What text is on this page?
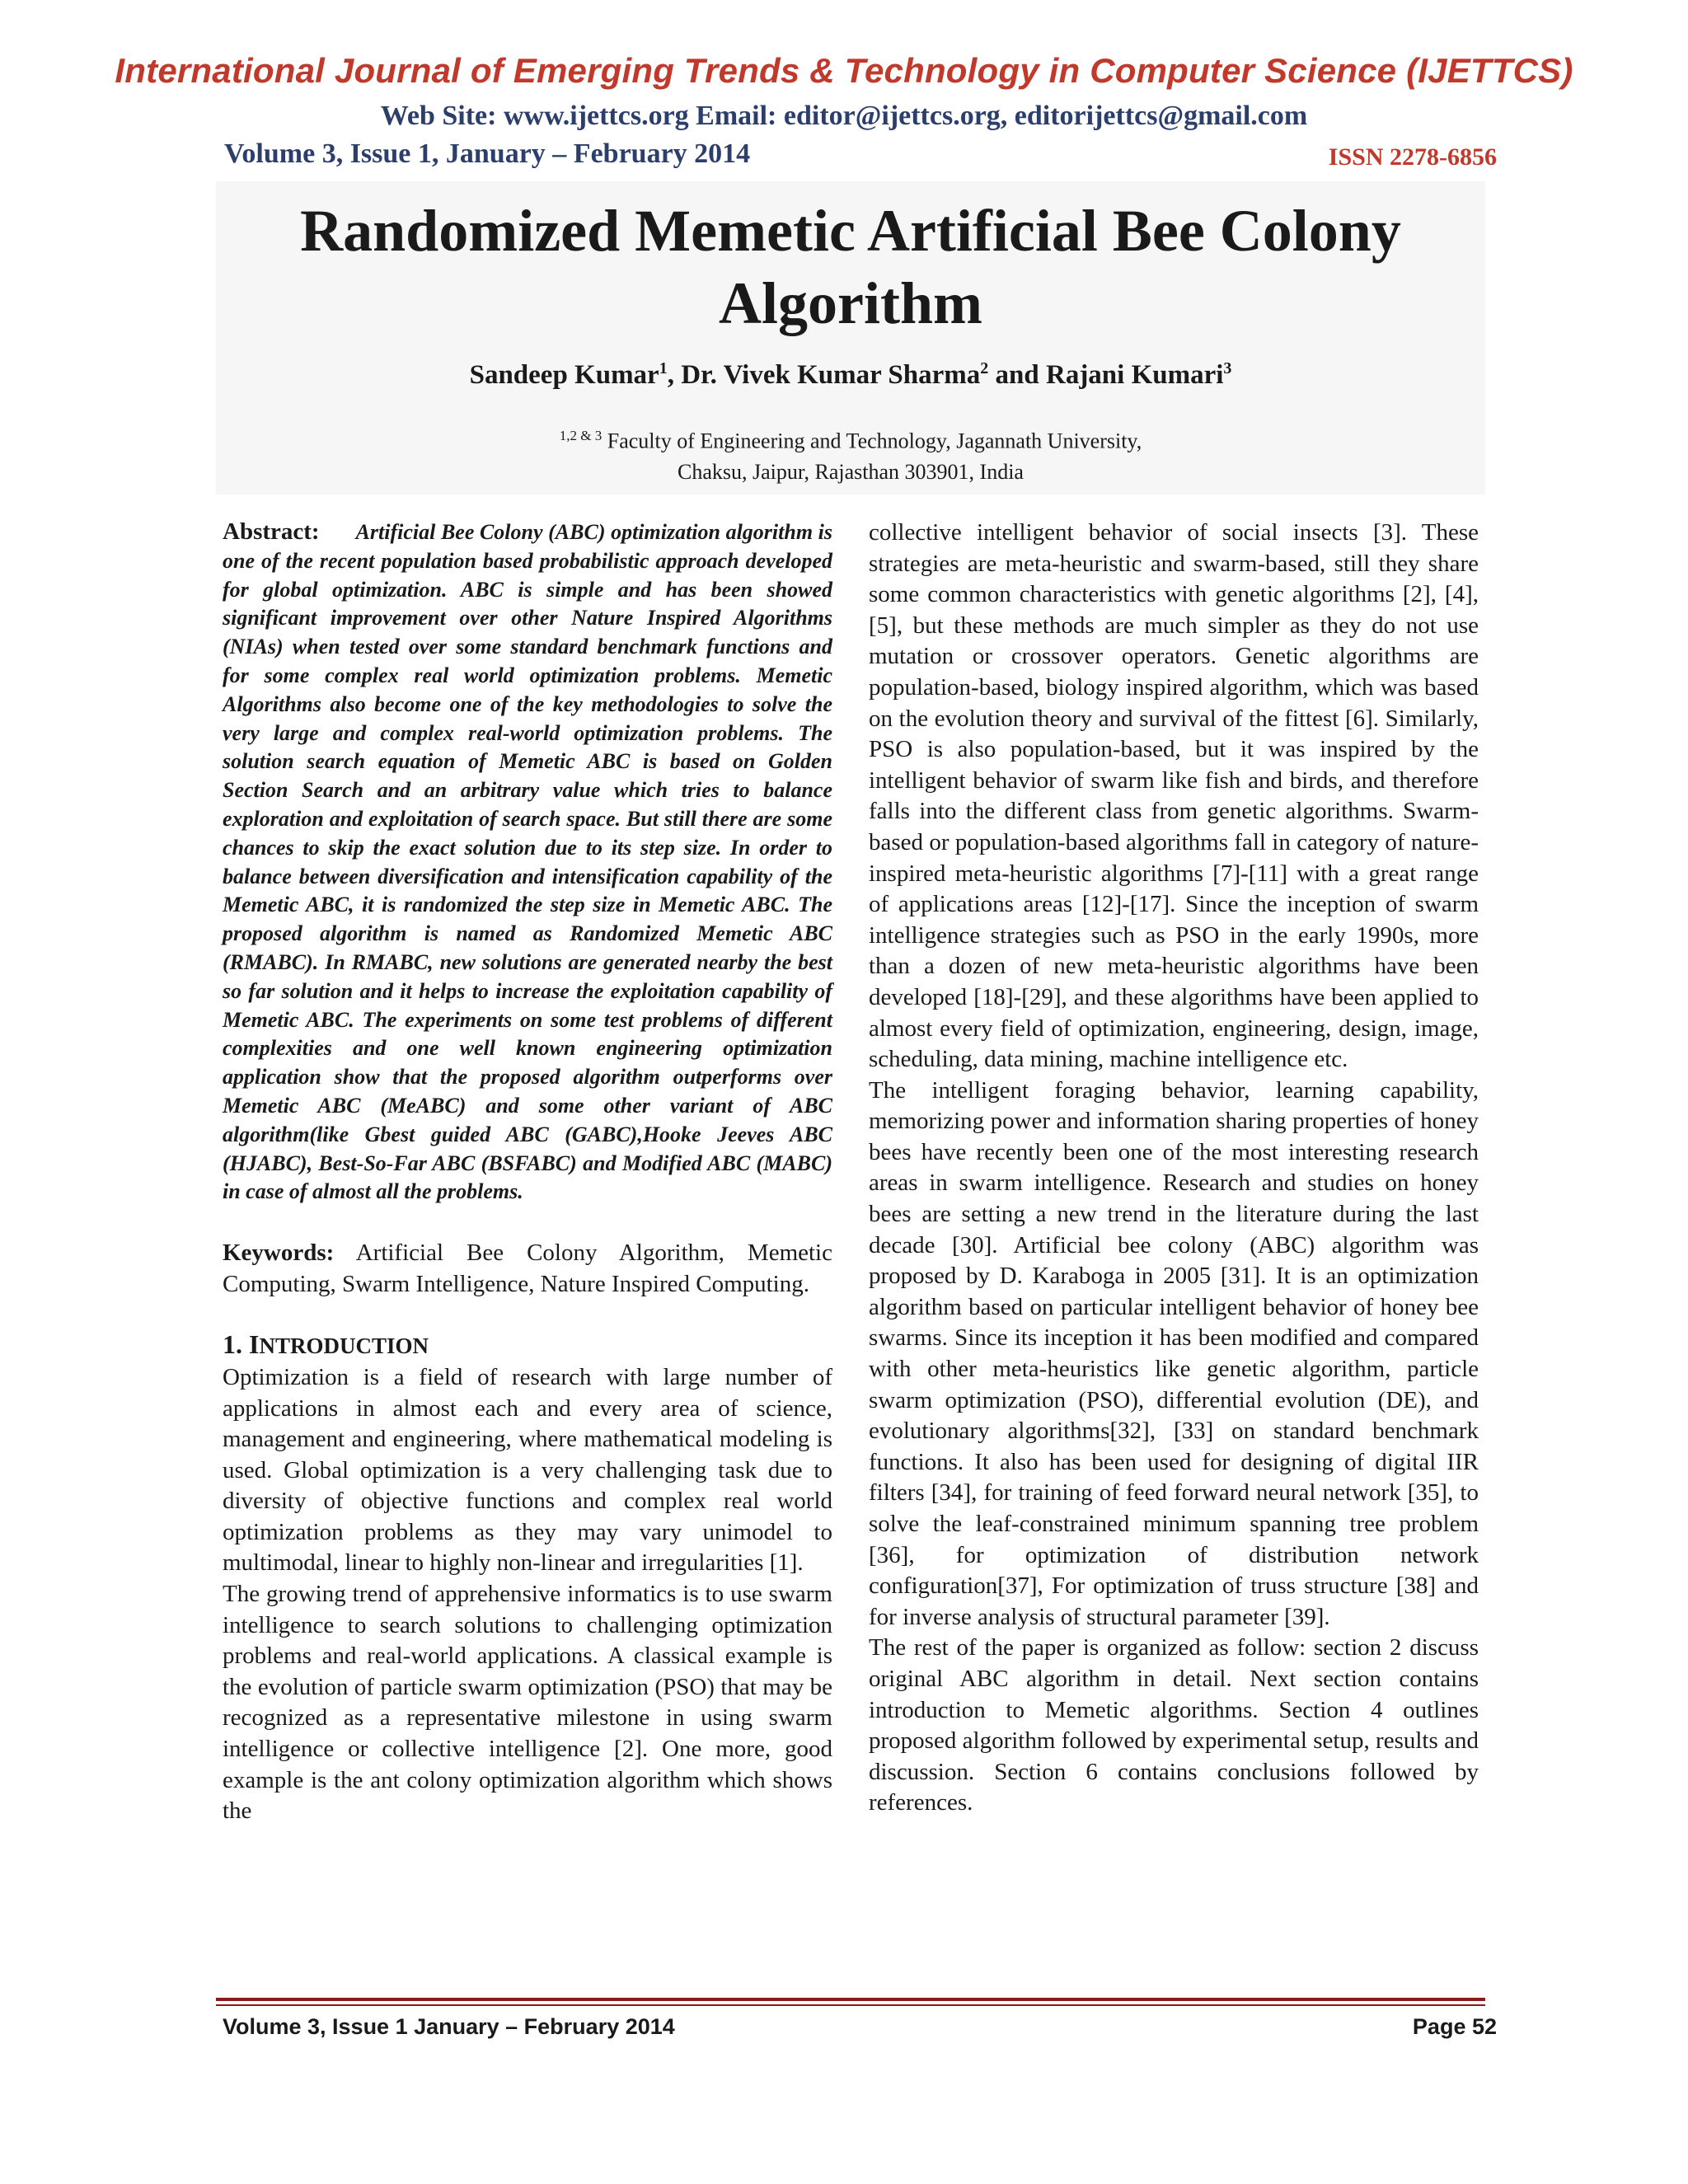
International Journal of Emerging Trends & Technology in Computer Science (IJETTCS)
Web Site: www.ijettcs.org Email: editor@ijettcs.org, editorijettcs@gmail.com
Volume 3, Issue 1, January – February 2014	ISSN 2278-6856
Randomized Memetic Artificial Bee Colony
Algorithm
Sandeep Kumar$^1$, Dr. Vivek Kumar Sharma$^2$ and Rajani Kumari$^3$
$^{1,2 \& 3}$ Faculty of Engineering and Technology, Jagannath University,
Chaksu, Jaipur, Rajasthan 303901, India

Abstract: Artificial Bee Colony (ABC) optimization algorithm is one of the recent population based probabilistic approach developed for global optimization. ABC is simple and has been showed significant improvement over other Nature Inspired Algorithms (NIAs) when tested over some standard benchmark functions and for some complex real world optimization problems. Memetic Algorithms also become one of the key methodologies to solve the very large and complex real-world optimization problems. The solution search equation of Memetic ABC is based on Golden Section Search and an arbitrary value which tries to balance exploration and exploitation of search space. But still there are some chances to skip the exact solution due to its step size. In order to balance between diversification and intensification capability of the Memetic ABC, it is randomized the step size in Memetic ABC. The proposed algorithm is named as Randomized Memetic ABC (RMABC). In RMABC, new solutions are generated nearby the best so far solution and it helps to increase the exploitation capability of Memetic ABC. The experiments on some test problems of different complexities and one well known engineering optimization application show that the proposed algorithm outperforms over Memetic ABC (MeABC) and some other variant of ABC algorithm(like Gbest guided ABC (GABC),Hooke Jeeves ABC (HJABC), Best-So-Far ABC (BSFABC) and Modified ABC (MABC) in case of almost all the problems.

Keywords: Artificial Bee Colony Algorithm, Memetic Computing, Swarm Intelligence, Nature Inspired Computing.

1. INTRODUCTION

Optimization is a field of research with large number of applications in almost each and every area of science, management and engineering, where mathematical modeling is used. Global optimization is a very challenging task due to diversity of objective functions and complex real world optimization problems as they may vary unimodel to multimodal, linear to highly non-linear and irregularities [1].

The growing trend of apprehensive informatics is to use swarm intelligence to search solutions to challenging optimization problems and real-world applications. A classical example is the evolution of particle swarm optimization (PSO) that may be recognized as a representative milestone in using swarm intelligence or collective intelligence [2]. One more, good example is the ant colony optimization algorithm which shows the

collective intelligent behavior of social insects [3]. These strategies are meta-heuristic and swarm-based, still they share some common characteristics with genetic algorithms [2], [4], [5], but these methods are much simpler as they do not use mutation or crossover operators. Genetic algorithms are population-based, biology inspired algorithm, which was based on the evolution theory and survival of the fittest [6]. Similarly, PSO is also population-based, but it was inspired by the intelligent behavior of swarm like fish and birds, and therefore falls into the different class from genetic algorithms. Swarm-based or population-based algorithms fall in category of nature-inspired meta-heuristic algorithms [7]-[11] with a great range of applications areas [12]-[17]. Since the inception of swarm intelligence strategies such as PSO in the early 1990s, more than a dozen of new meta-heuristic algorithms have been developed [18]-[29], and these algorithms have been applied to almost every field of optimization, engineering, design, image, scheduling, data mining, machine intelligence etc.

The intelligent foraging behavior, learning capability, memorizing power and information sharing properties of honey bees have recently been one of the most interesting research areas in swarm intelligence. Research and studies on honey bees are setting a new trend in the literature during the last decade [30]. Artificial bee colony (ABC) algorithm was proposed by D. Karaboga in 2005 [31]. It is an optimization algorithm based on particular intelligent behavior of honey bee swarms. Since its inception it has been modified and compared with other meta-heuristics like genetic algorithm, particle swarm optimization (PSO), differential evolution (DE), and evolutionary algorithms[32], [33] on standard benchmark functions. It also has been used for designing of digital IIR filters [34], for training of feed forward neural network [35], to solve the leaf-constrained minimum spanning tree problem [36], for optimization of distribution network configuration[37], For optimization of truss structure [38] and for inverse analysis of structural parameter [39].

The rest of the paper is organized as follow: section 2 discuss original ABC algorithm in detail. Next section contains introduction to Memetic algorithms. Section 4 outlines proposed algorithm followed by experimental setup, results and discussion. Section 6 contains conclusions followed by references.

Volume 3, Issue 1 January – February 2014	Page 52
